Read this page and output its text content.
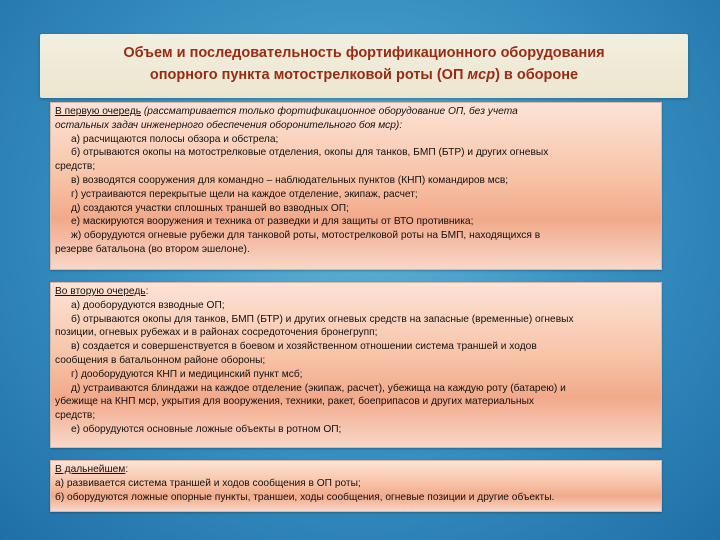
Объем и последовательность фортификационного оборудования
опорного пункта мотострелковой роты (ОП мср) в обороне
В первую очередь (рассматривается только фортификационное оборудование ОП, без учета
остальных задач инженерного обеспечения оборонительного боя мср):
а) расчищаются полосы обзора и обстрела;
б) отрываются окопы на мотострелковые отделения, окопы для танков, БМП (БТР) и других огневых
средств;
в) возводятся сооружения для командно – наблюдательных пунктов (КНП) командиров мсв;
г) устраиваются перекрытые щели на каждое отделение, экипаж, расчет;
д) создаются участки сплошных траншей во взводных ОП;
е) маскируются вооружения и техника от разведки и для защиты от ВТО противника;
ж) оборудуются огневые рубежи для танковой роты, мотострелковой роты на БМП, находящихся в
резерве батальона (во втором эшелоне).
Во вторую очередь:
а) дооборудуются взводные ОП;
б) отрываются окопы для танков, БМП (БТР) и других огневых средств на запасные (временные) огневых
позиции, огневых рубежах и в районах сосредоточения бронегрупп;
в) создается и совершенствуется в боевом и хозяйственном отношении система траншей и ходов
сообщения в батальонном районе обороны;
г) дооборудуются КНП и медицинский пункт мсб;
д) устраиваются блиндажи на каждое отделение (экипаж, расчет), убежища на каждую роту (батарею) и
убежище на КНП мср, укрытия для вооружения, техники, ракет, боеприпасов и других материальных
средств;
е) оборудуются основные ложные объекты в ротном ОП;
В дальнейшем:
а) развивается система траншей и ходов сообщения в ОП роты;
б) оборудуются ложные опорные пункты, траншеи, ходы сообщения, огневые позиции и другие объекты.
